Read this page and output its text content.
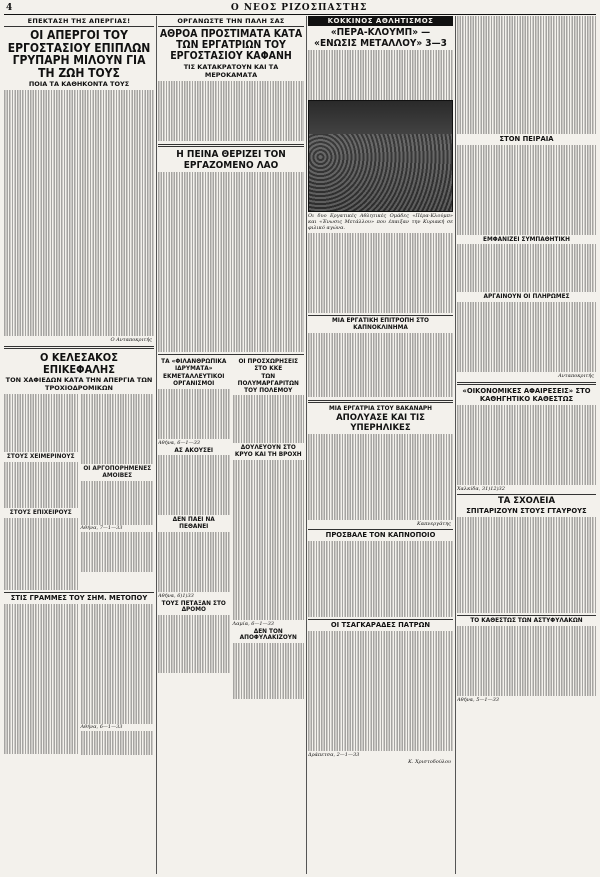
4	Ο ΝΕΟΣ ΡΙΖΟΣΠΑΣΤΗΣ
ΕΠΕΚΤΑΣΗ ΤΗΣ ΑΠΕΡΓΙΑΣ!
ΟΙ ΑΠΕΡΓΟΙ ΤΟΥ ΕΡΓΟΣΤΑΣΙΟΥ ΕΠΙΠΛΩΝ ΓΡΥΠΑΡΗ ΜΙΛΟΥΝ ΓΙΑ ΤΗ ΖΩΗ ΤΟΥΣ
ΠΟΙΑ ΤΑ ΚΑΘΗΚΟΝΤΑ ΤΟΥΣ
Ο Ανταποκριτής
Ο ΚΕΛΕΣΑΚΟΣ ΕΠΙΚΕΦΑΛΗΣ
ΤΟΝ ΧΑΦΙΕΔΩΝ ΚΑΤΑ ΤΗΝ ΑΠΕΡΓΙΑ ΤΩΝ ΤΡΟΧΙΟΔΡΟΜΙΚΩΝ
ΣΤΟΥΣ ΧΕΙΜΕΡΙΝΟΥΣ
ΣΤΟΥΣ ΕΠΙΧΕΙΡΟΥΣ
ΟΙ ΑΡΓΟΠΟΡΗΜΕΝΕΣ ΑΜΟΙΒΕΣ
Αθήνα, 7—1—33
ΣΤΙΣ ΓΡΑΜΜΕΣ ΤΟΥ ΣΗΜ. ΜΕΤΟΠΟΥ
Αθήνα, 6—1—33
ΟΡΓΑΝΩΣΤΕ ΤΗΝ ΠΑΛΗ ΣΑΣ
ΑΘΡΟΑ ΠΡΟΣΤΙΜΑΤΑ ΚΑΤΑ ΤΩΝ ΕΡΓΑΤΡΙΩΝ ΤΟΥ ΕΡΓΟΣΤΑΣΙΟΥ ΚΑΦΑΝΗ
ΤΙΣ ΚΑΤΑΚΡΑΤΟΥΝ ΚΑΙ ΤΑ ΜΕΡΟΚΑΜΑΤΑ
Η ΠΕΙΝΑ ΘΕΡΙΖΕΙ ΤΟΝ ΕΡΓΑΖΟΜΕΝΟ ΛΑΟ
ΤΑ «ΦΙΛΑΝΘΡΩΠΙΚΑ ΙΔΡΥΜΑΤΑ»
ΕΚΜΕΤΑΛΛΕΥΤΙΚΟΙ ΟΡΓΑΝΙΣΜΟΙ
Αθήνα, 6—1—33
ΑΣ ΑΚΟΥΣΕΙ
ΔΕΝ ΠΑΕΙ ΝΑ ΠΕΘΑΝΕΙ
Αθήνα, 6)1)33
ΤΟΥΣ ΠΕΤΑΞΑΝ ΣΤΟ ΔΡΟΜΟ
ΟΙ ΠΡΟΣΧΩΡΗΣΕΙΣ ΣΤΟ ΚΚΕ
ΤΩΝ ΠΟΛΥΜΑΡΓΑΡΙΤΩΝ ΤΟΥ ΠΟΛΕΜΟΥ
ΔΟΥΛΕΥΟΥΝ ΣΤΟ ΚΡΥΟ ΚΑΙ ΤΗ ΒΡΟΧΗ
Λαμία, 6—1—33
ΔΕΝ ΤΟΝ ΑΠΟΦΥΛΑΚΙΖΟΥΝ
ΚΟΚΚΙΝΟΣ ΑΘΛΗΤΙΣΜΟΣ
«ΠΕΡΑ-ΚΛΟΥΜΠ» — «ΕΝΩΣΙΣ ΜΕΤΑΛΛΟΥ» 3—3
Οι δυο Εργατικές Αθλητικές Ομάδες «Πέρα-Κλούμπ» και «Ένωσις Μετάλλου» που έπαιξαν την Κυριακή σε φιλικό αγώνα.
ΜΙΑ ΕΡΓΑΤΙΚΗ ΕΠΙΤΡΟΠΗ ΣΤΟ ΚΑΠΝΟΚΛΙΝΗΜΑ
ΜΙΑ ΕΡΓΑΤΡΙΑ ΣΤΟΥ ΒΑΚΑΝΑΡΗ
ΑΠΟΛΥΑΣΕ ΚΑΙ ΤΙΣ ΥΠΕΡΗΛΙΚΕΣ
Καπνεργάτης
ΠΡΟΣΒΑΛΕ ΤΟΝ ΚΑΠΝΟΠΟΙΟ
ΟΙ ΤΣΑΓΚΑΡΑΔΕΣ ΠΑΤΡΩΝ
Δράπετσα, 2—1—33
Κ. Χριστοδούλου
ΣΤΟΝ ΠΕΙΡΑΙΑ
ΕΜΦΑΝΙΖΕΙ ΣΥΜΠΑΘΗΤΙΚΗ
ΑΡΓΑΙΝΟΥΝ ΟΙ ΠΛΗΡΩΜΕΣ
Ανταποκριτής
«ΟΙΚΟΝΟΜΙΚΕΣ ΑΦΑΙΡΕΣΕΙΣ» ΣΤΟ ΚΑΘΗΓΗΤΙΚΟ ΚΑΘΕΣΤΩΣ
Χαλκίδα, 31)12)32
ΤΑ ΣΧΟΛΕΙΑ
ΣΠΙΤΑΡΙΖΟΥΝ ΣΤΟΥΣ ΓΤΑΥΡΟΥΣ
ΤΟ ΚΑΘΕΣΤΩΣ ΤΩΝ ΑΣΤΥΦΥΛΑΚΩΝ
Αθήνα, 5—1—33
